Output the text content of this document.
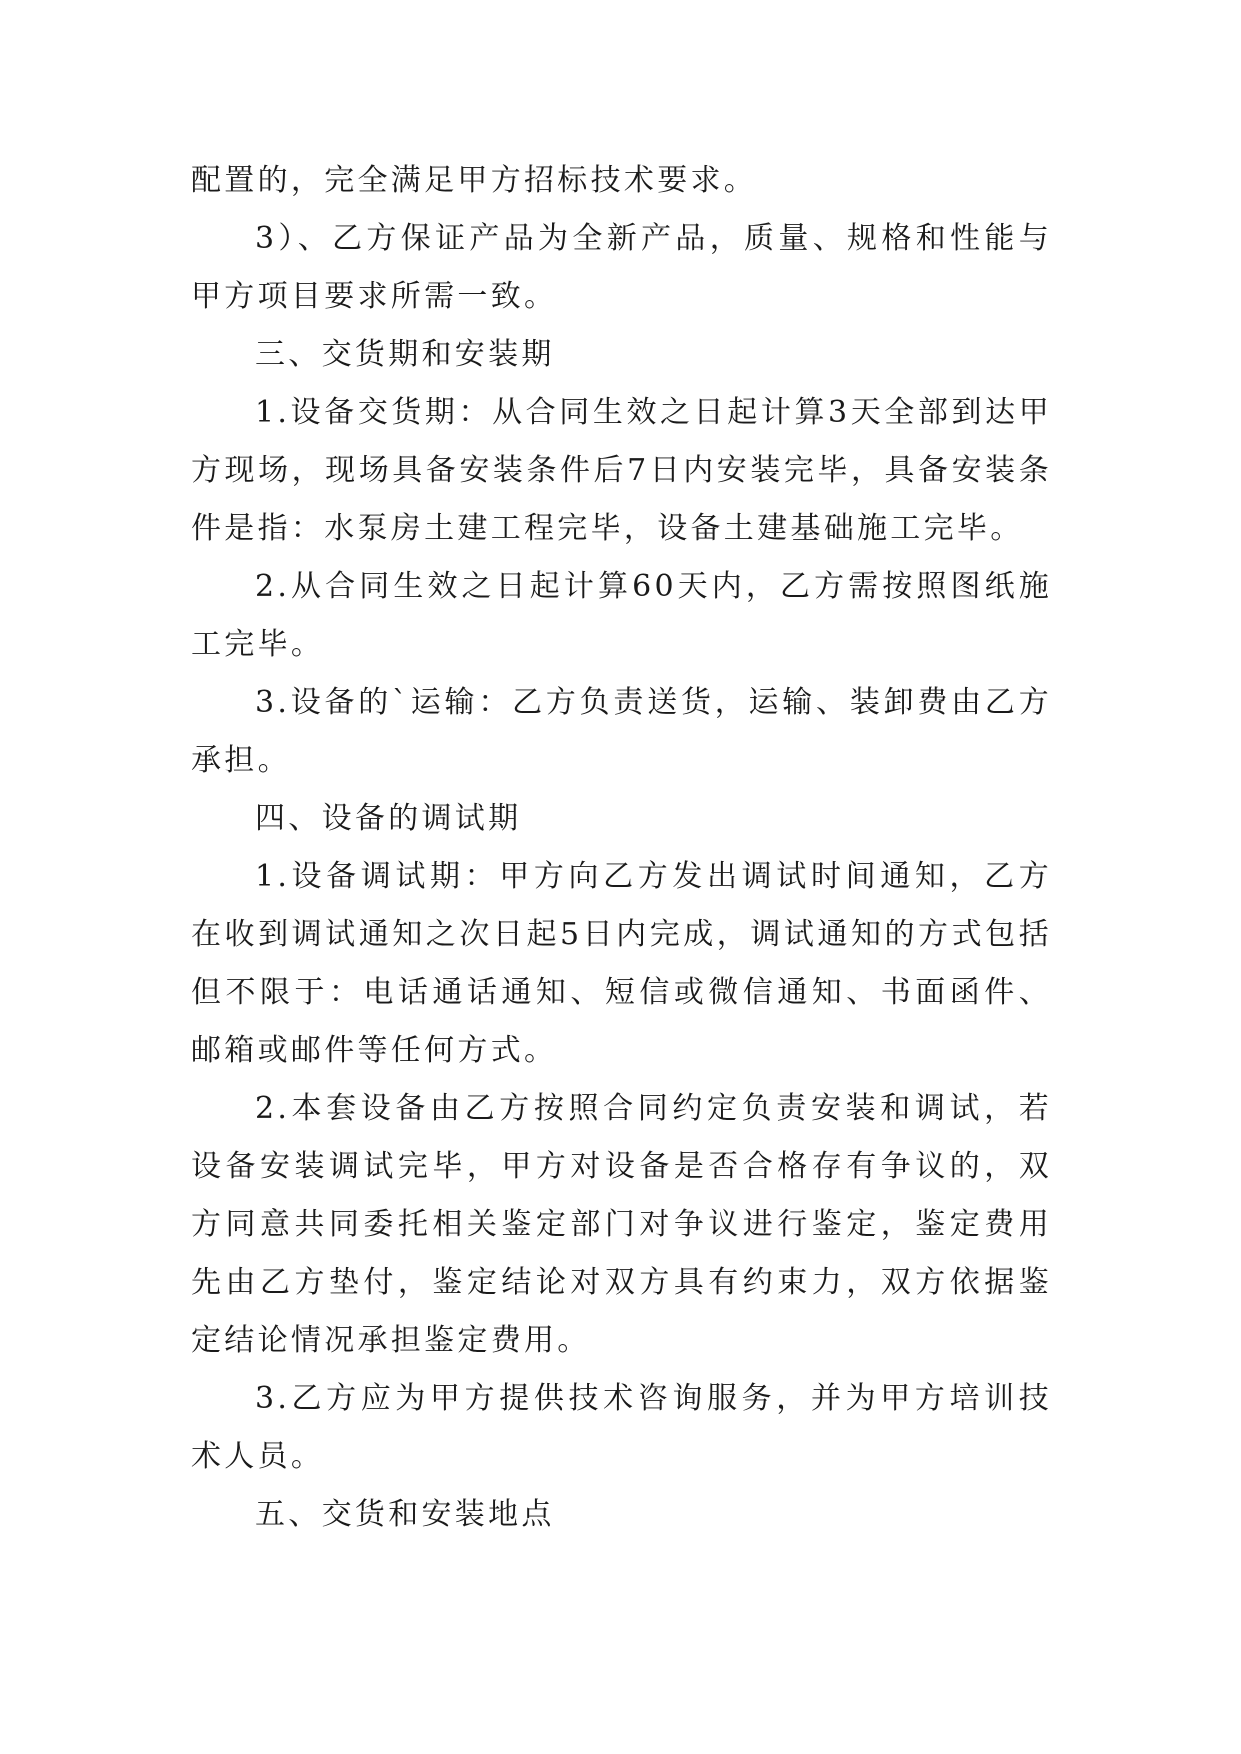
配置的，完全满足甲方招标技术要求。

3）、乙方保证产品为全新产品，质量、规格和性能与甲方项目要求所需一致。

三、交货期和安装期

1.设备交货期：从合同生效之日起计算3天全部到达甲方现场，现场具备安装条件后7日内安装完毕，具备安装条件是指：水泵房土建工程完毕，设备土建基础施工完毕。

2.从合同生效之日起计算60天内，乙方需按照图纸施工完毕。

3.设备的`运输：乙方负责送货，运输、装卸费由乙方承担。

四、设备的调试期

1.设备调试期：甲方向乙方发出调试时间通知，乙方在收到调试通知之次日起5日内完成，调试通知的方式包括但不限于：电话通话通知、短信或微信通知、书面函件、邮箱或邮件等任何方式。

2.本套设备由乙方按照合同约定负责安装和调试，若设备安装调试完毕，甲方对设备是否合格存有争议的，双方同意共同委托相关鉴定部门对争议进行鉴定，鉴定费用先由乙方垫付，鉴定结论对双方具有约束力，双方依据鉴定结论情况承担鉴定费用。

3.乙方应为甲方提供技术咨询服务，并为甲方培训技术人员。

五、交货和安装地点
